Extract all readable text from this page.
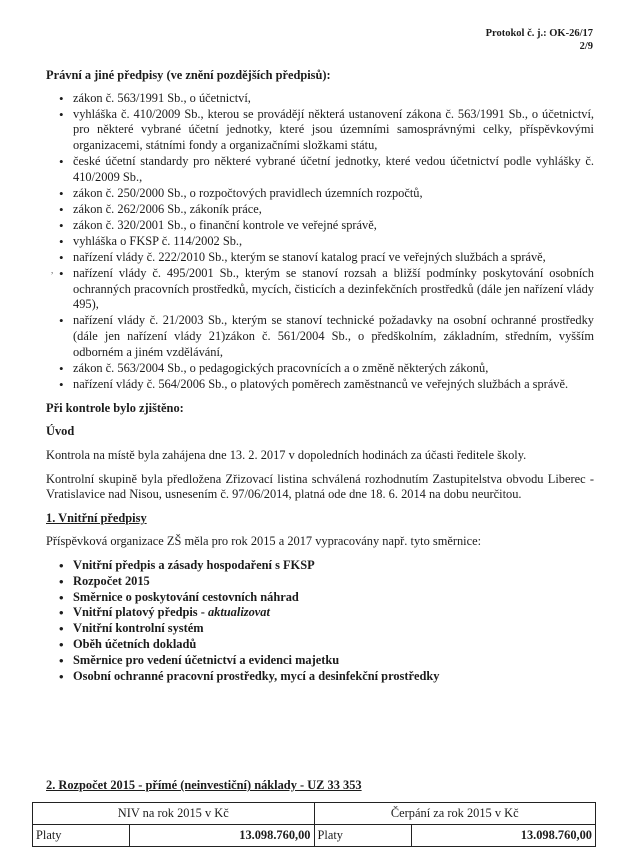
Protokol č. j.: OK-26/17
2/9
,
Právní a jiné předpisy (ve znění pozdějších předpisů):
• zákon č. 563/1991 Sb., o účetnictví,
• vyhláška č. 410/2009 Sb., kterou se provádějí některá ustanovení zákona č. 563/1991 Sb., o účetnictví, pro některé vybrané účetní jednotky, které jsou územními samosprávnými celky, příspěvkovými organizacemi, státními fondy a organizačními složkami státu,
• české účetní standardy pro některé vybrané účetní jednotky, které vedou účetnictví podle vyhlášky č. 410/2009 Sb.,
• zákon č. 250/2000 Sb., o rozpočtových pravidlech územních rozpočtů,
• zákon č. 262/2006 Sb., zákoník práce,
• zákon č. 320/2001 Sb., o finanční kontrole ve veřejné správě,
• vyhláška o FKSP č. 114/2002 Sb.,
• nařízení vlády č. 222/2010 Sb., kterým se stanoví katalog prací ve veřejných službách a správě,
• nařízení vlády č. 495/2001 Sb., kterým se stanoví rozsah a bližší podmínky poskytování osobních ochranných pracovních prostředků, mycích, čisticích a dezinfekčních prostředků (dále jen nařízení vlády 495),
• nařízení vlády č. 21/2003 Sb., kterým se stanoví technické požadavky na osobní ochranné prostředky (dále jen nařízení vlády 21)zákon č. 561/2004 Sb., o předškolním, základním, středním, vyšším odborném a jiném vzdělávání,
• zákon č. 563/2004 Sb., o pedagogických pracovnících a o změně některých zákonů,
• nařízení vlády č. 564/2006 Sb., o platových poměrech zaměstnanců ve veřejných službách a správě.
Při kontrole bylo zjištěno:
Úvod
Kontrola na místě byla zahájena dne 13. 2. 2017 v dopoledních hodinách za účasti ředitele školy.
Kontrolní skupině byla předložena Zřizovací listina schválená rozhodnutím Zastupitelstva obvodu Liberec - Vratislavice nad Nisou, usnesením č. 97/06/2014, platná ode dne 18. 6. 2014 na dobu neurčitou.
1. Vnitřní předpisy
Příspěvková organizace ZŠ měla pro rok 2015 a 2017 vypracovány např. tyto směrnice:
• Vnitřní předpis a zásady hospodaření s FKSP
• Rozpočet 2015
• Směrnice o poskytování cestovních náhrad
• Vnitřní platový předpis - aktualizovat
• Vnitřní kontrolní systém
• Oběh účetních dokladů
• Směrnice pro vedení účetnictví a evidenci majetku
• Osobní ochranné pracovní prostředky, mycí a desinfekční prostředky
2. Rozpočet 2015 - přímé (neinvestiční) náklady - UZ 33 353
NIV na rok 2015 v Kč		Čerpání za rok 2015 v Kč	
Platy	13.098.760,00	Platy	13.098.760,00
